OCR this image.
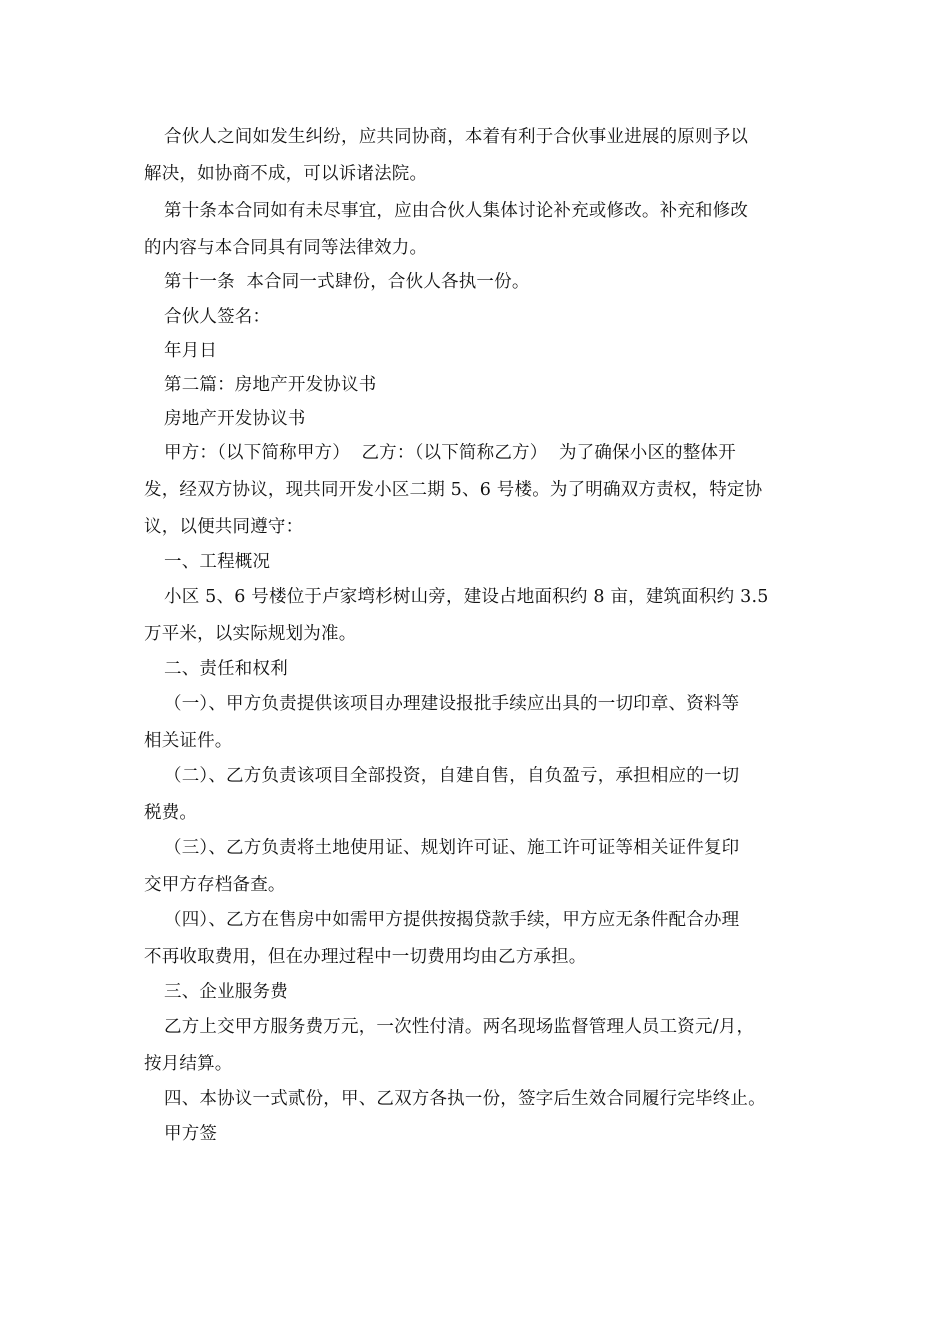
合伙人之间如发生纠纷，应共同协商，本着有利于合伙事业进展的原则予以
解决，如协商不成，可以诉诸法院。
第十条本合同如有未尽事宜，应由合伙人集体讨论补充或修改。补充和修改
的内容与本合同具有同等法律效力。
第十一条  本合同一式肆份，合伙人各执一份。
合伙人签名：
年月日
第二篇：房地产开发协议书
房地产开发协议书
甲方：（以下简称甲方）  乙方：（以下简称乙方）  为了确保小区的整体开
发，经双方协议，现共同开发小区二期 5、6 号楼。为了明确双方责权，特定协
议，以便共同遵守：
一、工程概况
小区 5、6 号楼位于卢家塆杉树山旁，建设占地面积约 8 亩，建筑面积约 3.5
万平米，以实际规划为准。
二、责任和权利
（一）、甲方负责提供该项目办理建设报批手续应出具的一切印章、资料等
相关证件。
（二）、乙方负责该项目全部投资，自建自售，自负盈亏，承担相应的一切
税费。
（三）、乙方负责将土地使用证、规划许可证、施工许可证等相关证件复印
交甲方存档备查。
（四）、乙方在售房中如需甲方提供按揭贷款手续，甲方应无条件配合办理
不再收取费用，但在办理过程中一切费用均由乙方承担。
三、企业服务费
乙方上交甲方服务费万元，一次性付清。两名现场监督管理人员工资元/月，
按月结算。
四、本协议一式贰份，甲、乙双方各执一份，签字后生效合同履行完毕终止。
甲方签
